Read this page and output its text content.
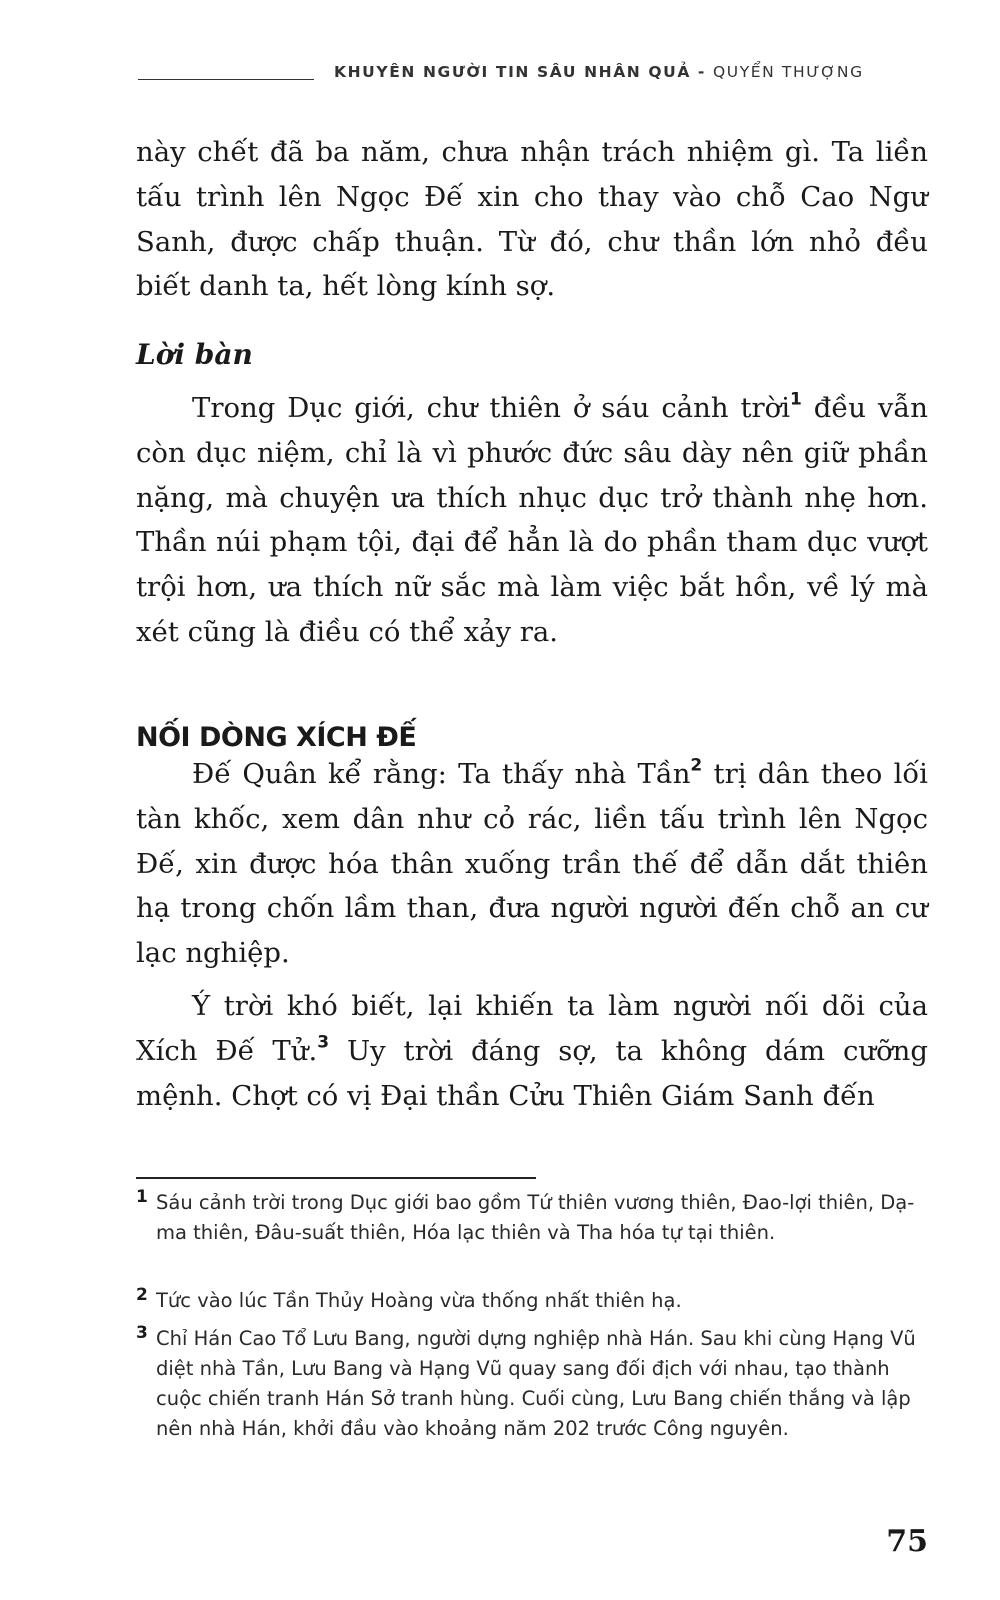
KHUYÊN NGƯỜI TIN SÂU NHÂN QUẢ - QUYỂN THƯỢNG

này chết đã ba năm, chưa nhận trách nhiệm gì. Ta liền tấu trình lên Ngọc Đế xin cho thay vào chỗ Cao Ngư Sanh, được chấp thuận. Từ đó, chư thần lớn nhỏ đều biết danh ta, hết lòng kính sợ.

Lời bàn

Trong Dục giới, chư thiên ở sáu cảnh trời$^1$ đều vẫn còn dục niệm, chỉ là vì phước đức sâu dày nên giữ phần nặng, mà chuyện ưa thích nhục dục trở thành nhẹ hơn. Thần núi phạm tội, đại để hẳn là do phần tham dục vượt trội hơn, ưa thích nữ sắc mà làm việc bắt hồn, về lý mà xét cũng là điều có thể xảy ra.

NỐI DÒNG XÍCH ĐẾ

Đế Quân kể rằng: Ta thấy nhà Tần$^2$ trị dân theo lối tàn khốc, xem dân như cỏ rác, liền tấu trình lên Ngọc Đế, xin được hóa thân xuống trần thế để dẫn dắt thiên hạ trong chốn lầm than, đưa người người đến chỗ an cư lạc nghiệp.

Ý trời khó biết, lại khiến ta làm người nối dõi của Xích Đế Tử.$^3$ Uy trời đáng sợ, ta không dám cưỡng mệnh. Chợt có vị Đại thần Cửu Thiên Giám Sanh đến

1 Sáu cảnh trời trong Dục giới bao gồm Tứ thiên vương thiên, Đao-lợi thiên, Dạ-ma thiên, Đâu-suất thiên, Hóa lạc thiên và Tha hóa tự tại thiên.
2 Tức vào lúc Tần Thủy Hoàng vừa thống nhất thiên hạ.
3 Chỉ Hán Cao Tổ Lưu Bang, người dựng nghiệp nhà Hán. Sau khi cùng Hạng Vũ diệt nhà Tần, Lưu Bang và Hạng Vũ quay sang đối địch với nhau, tạo thành cuộc chiến tranh Hán Sở tranh hùng. Cuối cùng, Lưu Bang chiến thắng và lập nên nhà Hán, khởi đầu vào khoảng năm 202 trước Công nguyên.

75
